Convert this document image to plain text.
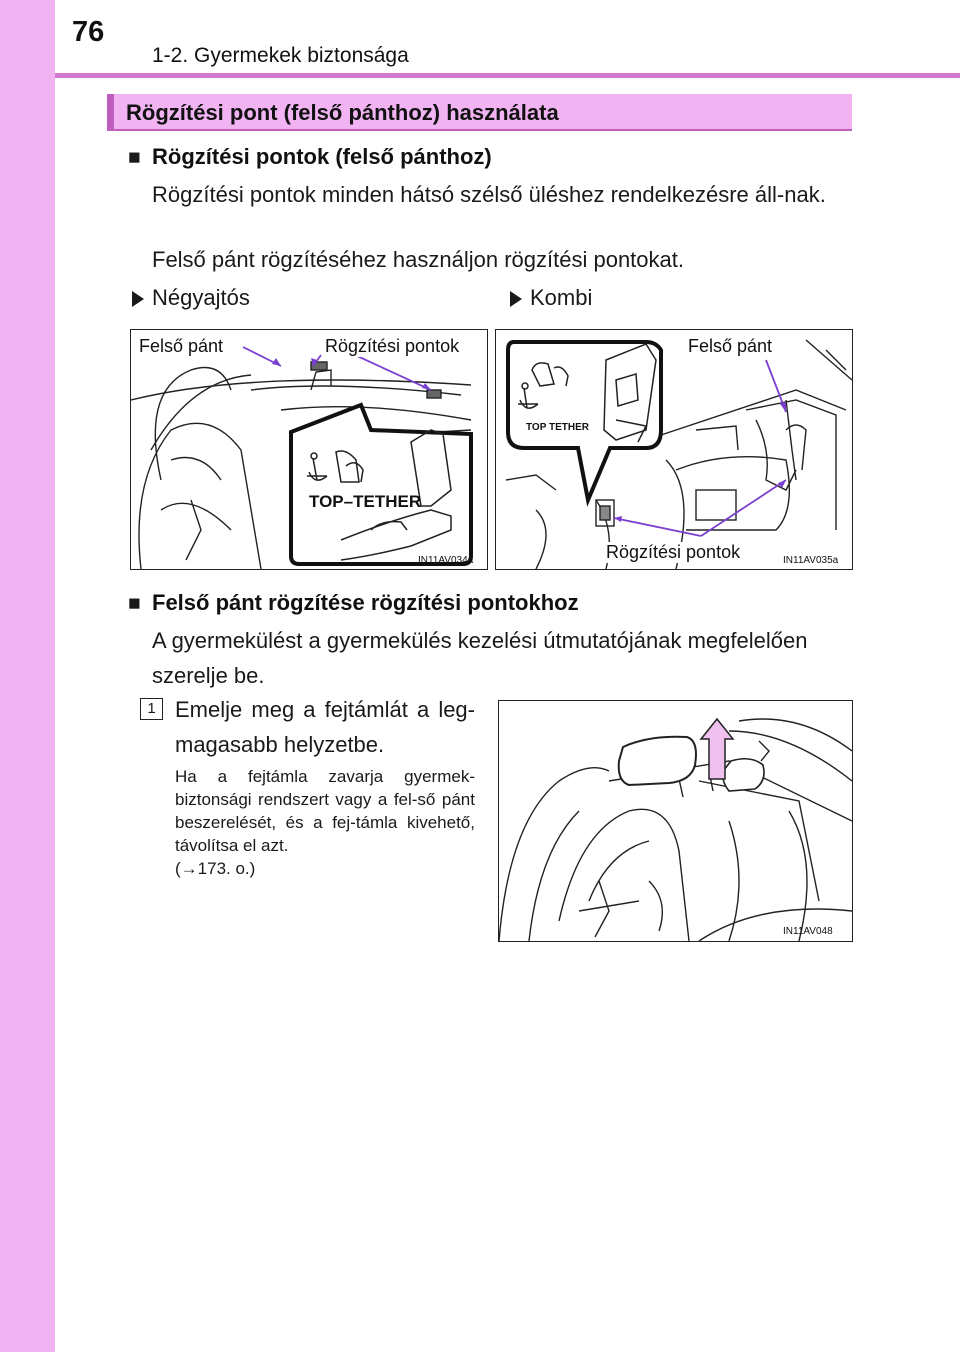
76
1-2. Gyermekek biztonsága
Rögzítési pont (felső pánthoz) használata
■ Rögzítési pontok (felső pánthoz)
Rögzítési pontok minden hátsó szélső üléshez rendelkezésre áll-nak.
Felső pánt rögzítéséhez használjon rögzítési pontokat.
Négyajtós	Kombi
TOP–TETHER
Felső pánt	Rögzítési pontok
IN11AV034a
TOP TETHER
Felső pánt
Rögzítési pontok	IN11AV035a
■ Felső pánt rögzítése rögzítési pontokhoz
A gyermekülést a gyermekülés kezelési útmutatójának megfelelően szerelje be.
1 Emelje meg a fejtámlát a leg-magasabb helyzetbe.
Ha a fejtámla zavarja gyermek-biztonsági rendszert vagy a fel-ső pánt beszerelését, és a fej-támla kivehető, távolítsa el azt.
(→173. o.)
IN11AV048
